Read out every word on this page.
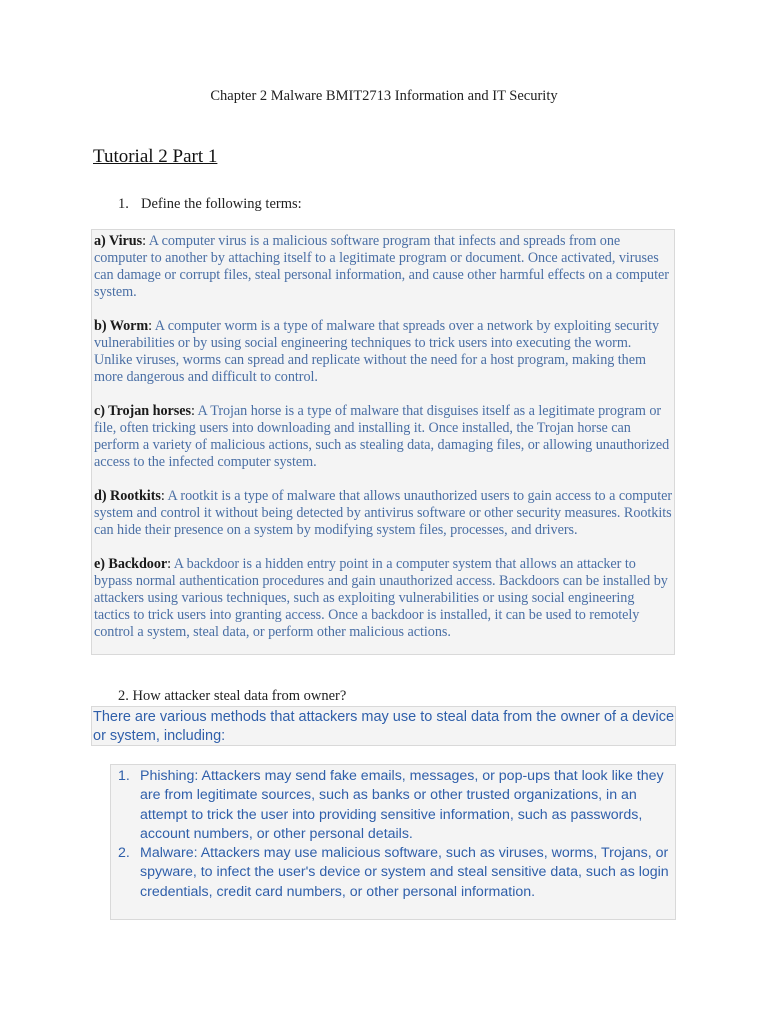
Chapter 2 Malware BMIT2713 Information and IT Security
Tutorial 2 Part 1
1. Define the following terms:

a) Virus: A computer virus is a malicious software program that infects and spreads from one computer to another by attaching itself to a legitimate program or document. Once activated, viruses can damage or corrupt files, steal personal information, and cause other harmful effects on a computer system.

b) Worm: A computer worm is a type of malware that spreads over a network by exploiting security vulnerabilities or by using social engineering techniques to trick users into executing the worm. Unlike viruses, worms can spread and replicate without the need for a host program, making them more dangerous and difficult to control.

c) Trojan horses: A Trojan horse is a type of malware that disguises itself as a legitimate program or file, often tricking users into downloading and installing it. Once installed, the Trojan horse can perform a variety of malicious actions, such as stealing data, damaging files, or allowing unauthorized access to the infected computer system.

d) Rootkits: A rootkit is a type of malware that allows unauthorized users to gain access to a computer system and control it without being detected by antivirus software or other security measures. Rootkits can hide their presence on a system by modifying system files, processes, and drivers.

e) Backdoor: A backdoor is a hidden entry point in a computer system that allows an attacker to bypass normal authentication procedures and gain unauthorized access. Backdoors can be installed by attackers using various techniques, such as exploiting vulnerabilities or using social engineering tactics to trick users into granting access. Once a backdoor is installed, it can be used to remotely control a system, steal data, or perform other malicious actions.

2. How attacker steal data from owner?
There are various methods that attackers may use to steal data from the owner of a device or system, including:
1. Phishing: Attackers may send fake emails, messages, or pop-ups that look like they are from legitimate sources, such as banks or other trusted organizations, in an attempt to trick the user into providing sensitive information, such as passwords, account numbers, or other personal details.
2. Malware: Attackers may use malicious software, such as viruses, worms, Trojans, or spyware, to infect the user's device or system and steal sensitive data, such as login credentials, credit card numbers, or other personal information.
